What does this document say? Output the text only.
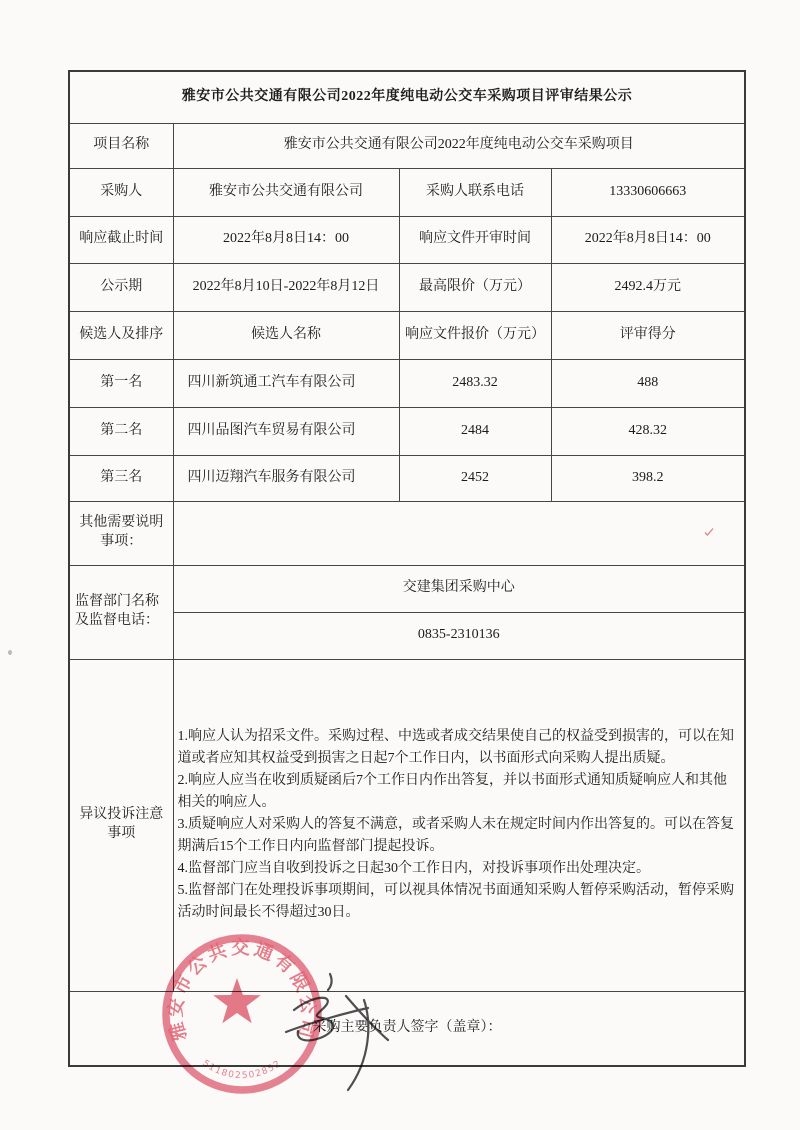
雅安市公共交通有限公司2022年度纯电动公交车采购项目评审结果公示			
项目名称	雅安市公共交通有限公司2022年度纯电动公交车采购项目		
采购人	雅安市公共交通有限公司	采购人联系电话	13330606663
响应截止时间	2022年8月8日14：00	响应文件开审时间	2022年8月8日14：00
公示期	2022年8月10日-2022年8月12日	最高限价（万元）	2492.4万元
候选人及排序	候选人名称	响应文件报价（万元）	评审得分
第一名	四川新筑通工汽车有限公司	2483.32	488
第二名	四川品图汽车贸易有限公司	2484	428.32
第三名	四川迈翔汽车服务有限公司	2452	398.2

其他需要说明
事项：			

监督部门名称
及监督电话：	交建集团采购中心		
	0835-2310136		

异议投诉注意
事项

1.响应人认为招采文件。采购过程、中选或者成交结果使自己的权益受到损害的，可以在知道或者应知其权益受到损害之日起7个工作日内，以书面形式向采购人提出质疑。
2.响应人应当在收到质疑函后7个工作日内作出答复，并以书面形式通知质疑响应人和其他相关的响应人。
3.质疑响应人对采购人的答复不满意，或者采购人未在规定时间内作出答复的。可以在答复期满后15个工作日内向监督部门提起投诉。
4.监督部门应当自收到投诉之日起30个工作日内，对投诉事项作出处理决定。
5.监督部门在处理投诉事项期间，可以视具体情况书面通知采购人暂停采购活动，暂停采购活动时间最长不得超过30日。

采购主要负责人签字（盖章）：			
雅安市公共交通有限公司
511802502852
